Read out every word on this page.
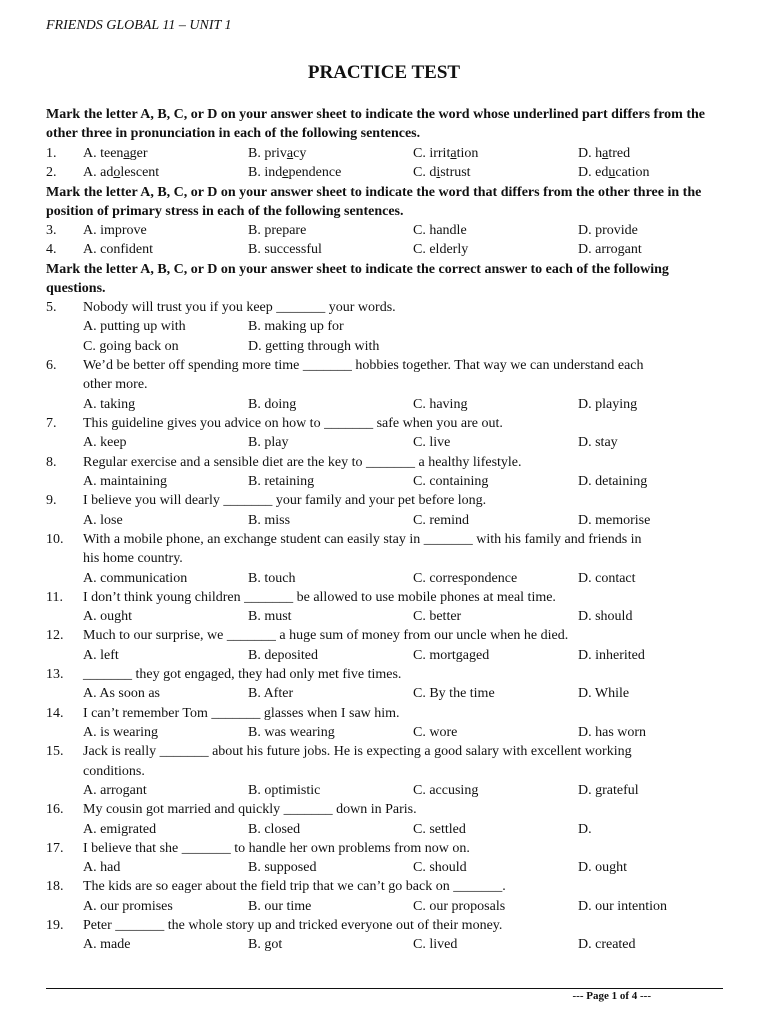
FRIENDS GLOBAL 11 – UNIT 1
PRACTICE TEST
Mark the letter A, B, C, or D on your answer sheet to indicate the word whose underlined part differs from the other three in pronunciation in each of the following sentences.
1. A. teenager	B. privacy	C. irritation	D. hatred
2. A. adolescent	B. independence	C. distrust	D. education
Mark the letter A, B, C, or D on your answer sheet to indicate the word that differs from the other three in the position of primary stress in each of the following sentences.
3. A. improve	B. prepare	C. handle	D. provide
4. A. confident	B. successful	C. elderly	D. arrogant
Mark the letter A, B, C, or D on your answer sheet to indicate the correct answer to each of the following questions.
5. Nobody will trust you if you keep _______ your words.
A. putting up with	B. making up for
C. going back on	D. getting through with
6. We’d be better off spending more time _______ hobbies together. That way we can understand each
other more.
A. taking	B. doing	C. having	D. playing
7. This guideline gives you advice on how to _______ safe when you are out.
A. keep	B. play	C. live	D. stay
8. Regular exercise and a sensible diet are the key to _______ a healthy lifestyle.
A. maintaining	B. retaining	C. containing	D. detaining
9. I believe you will dearly _______ your family and your pet before long.
A. lose	B. miss	C. remind	D. memorise
10. With a mobile phone, an exchange student can easily stay in _______ with his family and friends in
his home country.
A. communication	B. touch	C. correspondence	D. contact
11. I don’t think young children _______ be allowed to use mobile phones at meal time.
A. ought	B. must	C. better	D. should
12. Much to our surprise, we _______ a huge sum of money from our uncle when he died.
A. left	B. deposited	C. mortgaged	D. inherited
13. _______ they got engaged, they had only met five times.
A. As soon as	B. After	C. By the time	D. While
14. I can’t remember Tom _______ glasses when I saw him.
A. is wearing	B. was wearing	C. wore	D. has worn
15. Jack is really _______ about his future jobs. He is expecting a good salary with excellent working
conditions.
A. arrogant	B. optimistic	C. accusing	D. grateful
16. My cousin got married and quickly _______ down in Paris.
A. emigrated	B. closed	C. settled	D.
17. I believe that she _______ to handle her own problems from now on.
A. had	B. supposed	C. should	D. ought
18. The kids are so eager about the field trip that we can’t go back on _______.
A. our promises	B. our time	C. our proposals	D. our intention
19. Peter _______ the whole story up and tricked everyone out of their money.
A. made	B. got	C. lived	D. created
--- Page 1 of 4 ---
